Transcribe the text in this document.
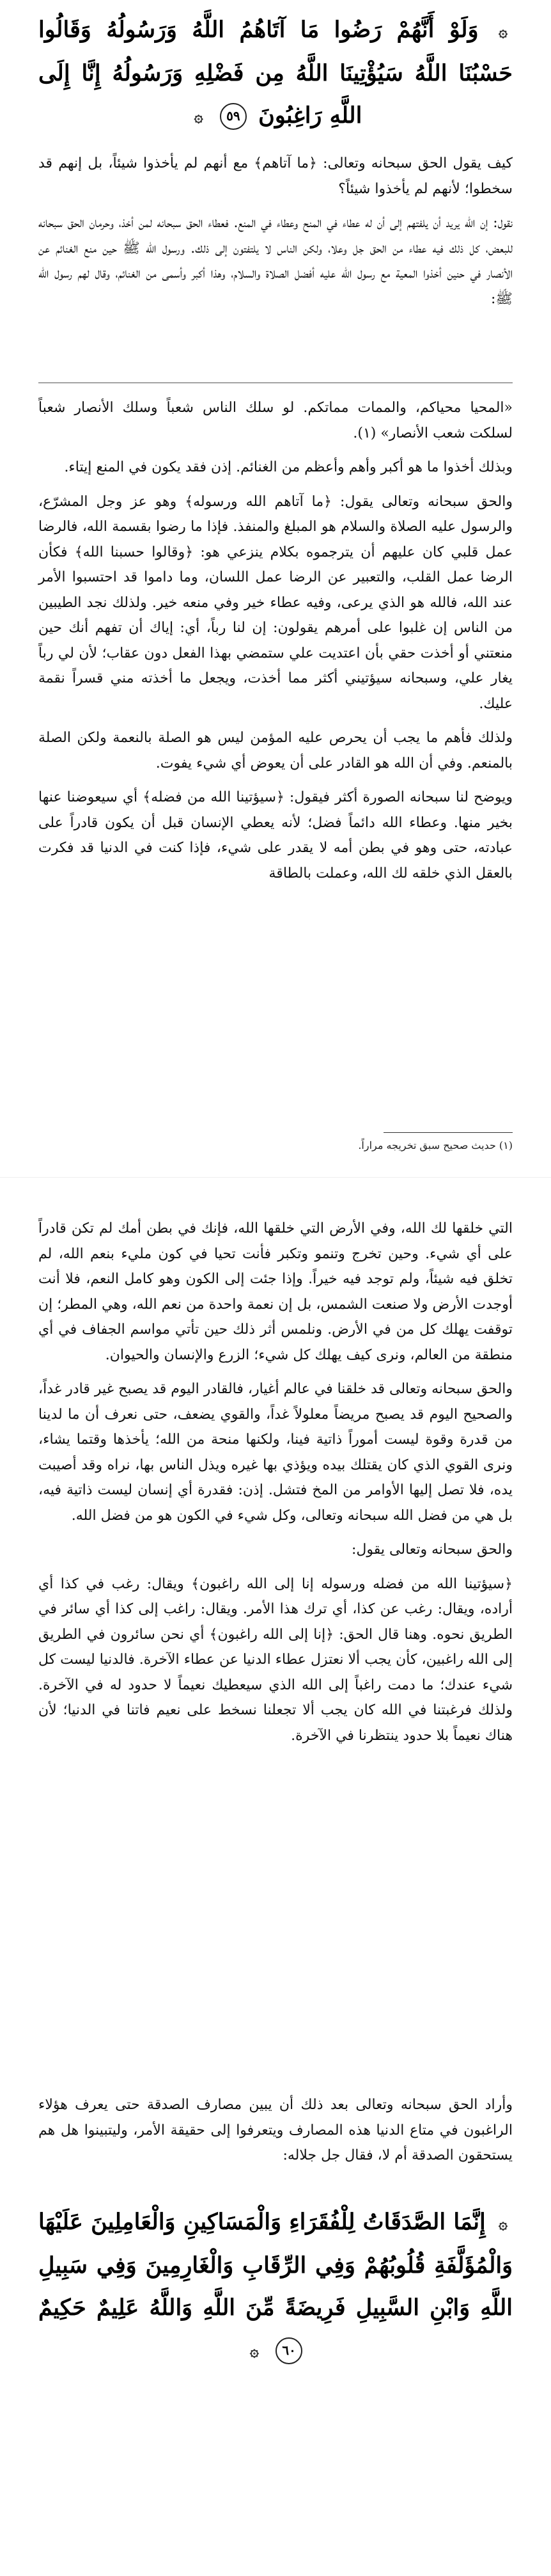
۞ وَلَوْ أَنَّهُمْ رَضُوا مَا آتَاهُمُ اللَّهُ وَرَسُولُهُ وَقَالُوا حَسْبُنَا اللَّهُ سَيُؤْتِينَا اللَّهُ مِن فَضْلِهِ وَرَسُولُهُ إِنَّا إِلَى اللَّهِ رَاغِبُونَ ٥٩ ۞

كيف يقول الحق سبحانه وتعالى: ﴿ما آتاهم﴾ مع أنهم لم يأخذوا شيئاً، بل إنهم قد سخطوا؛ لأنهم لم يأخذوا شيئاً؟

نقول: إن الله يريد أن يلفتهم إلى أن له عطاء في المنح وعطاء في المنع. فعطاء الحق سبحانه لمن أخذ، وحرمان الحق سبحانه للبعض، كل ذلك فيه عطاء من الحق جل وعلا، ولكن الناس لا يلتفتون إلى ذلك. ورسول الله ﷺ حين منع الغنائم عن الأنصار في حنين أخذوا المعية مع رسول الله عليه أفضل الصلاة والسلام، وهذا أكبر وأسمى من الغنائم، وقال لهم رسول الله ﷺ:

«المحيا محياكم، والممات مماتكم. لو سلك الناس شعباً وسلك الأنصار شعباً لسلكت شعب الأنصار» (١).

وبذلك أخذوا ما هو أكبر وأهم وأعظم من الغنائم. إذن فقد يكون في المنع إيتاء.

والحق سبحانه وتعالى يقول: ﴿ما آتاهم الله ورسوله﴾ وهو عز وجل المشرّع، والرسول عليه الصلاة والسلام هو المبلغ والمنفذ. فإذا ما رضوا بقسمة الله، فالرضا عمل قلبي كان عليهم أن يترجموه بكلام ينزعي هو: ﴿وقالوا حسبنا الله﴾ فكأن الرضا عمل القلب، والتعبير عن الرضا عمل اللسان، وما داموا قد احتسبوا الأمر عند الله، فالله هو الذي يرعى، وفيه عطاء خير وفي منعه خير. ولذلك نجد الطيبين من الناس إن غلبوا على أمرهم يقولون: إن لنا رباً، أي: إياك أن تفهم أنك حين منعتني أو أخذت حقي بأن اعتديت علي ستمضي بهذا الفعل دون عقاب؛ لأن لي رباً يغار علي، وسبحانه سيؤتيني أكثر مما أخذت، ويجعل ما أخذته مني قسراً نقمة عليك.

ولذلك فأهم ما يجب أن يحرص عليه المؤمن ليس هو الصلة بالنعمة ولكن الصلة بالمنعم. وفي أن الله هو القادر على أن يعوض أي شيء يفوت.

ويوضح لنا سبحانه الصورة أكثر فيقول: ﴿سيؤتينا الله من فضله﴾ أي سيعوضنا عنها بخير منها. وعطاء الله دائماً فضل؛ لأنه يعطي الإنسان قبل أن يكون قادراً على عبادته، حتى وهو في بطن أمه لا يقدر على شيء، فإذا كنت في الدنيا قد فكرت بالعقل الذي خلقه لك الله، وعملت بالطاقة

(١) حديث صحيح سبق تخريجه مراراً.

التي خلقها لك الله، وفي الأرض التي خلقها الله، فإنك في بطن أمك لم تكن قادراً على أي شيء. وحين تخرج وتنمو وتكبر فأنت تحيا في كون مليء بنعم الله، لم تخلق فيه شيئاً، ولم توجد فيه خيراً. وإذا جئت إلى الكون وهو كامل النعم، فلا أنت أوجدت الأرض ولا صنعت الشمس، بل إن نعمة واحدة من نعم الله، وهي المطر؛ إن توقفت يهلك كل من في الأرض. ونلمس أثر ذلك حين تأتي مواسم الجفاف في أي منطقة من العالم، ونرى كيف يهلك كل شيء؛ الزرع والإنسان والحيوان.

والحق سبحانه وتعالى قد خلقنا في عالم أغيار، فالقادر اليوم قد يصبح غير قادر غداً، والصحيح اليوم قد يصبح مريضاً معلولاً غداً، والقوي يضعف، حتى نعرف أن ما لدينا من قدرة وقوة ليست أموراً ذاتية فينا، ولكنها منحة من الله؛ يأخذها وقتما يشاء، ونرى القوي الذي كان يقتلك بيده ويؤذي بها غيره ويذل الناس بها، نراه وقد أصيبت يده، فلا تصل إليها الأوامر من المخ فتشل. إذن: فقدرة أي إنسان ليست ذاتية فيه، بل هي من فضل الله سبحانه وتعالى، وكل شيء في الكون هو من فضل الله.

والحق سبحانه وتعالى يقول:

﴿سيؤتينا الله من فضله ورسوله إنا إلى الله راغبون﴾ ويقال: رغب في كذا أي أراده، ويقال: رغب عن كذا، أي ترك هذا الأمر. ويقال: راغب إلى كذا أي سائر في الطريق نحوه. وهنا قال الحق: ﴿إنا إلى الله راغبون﴾ أي نحن سائرون في الطريق إلى الله راغبين، كأن يجب ألا نعتزل عطاء الدنيا عن عطاء الآخرة. فالدنيا ليست كل شيء عندك؛ ما دمت راغباً إلى الله الذي سيعطيك نعيماً لا حدود له في الآخرة. ولذلك فرغبتنا في الله كان يجب ألا تجعلنا نسخط على نعيم فاتنا في الدنيا؛ لأن هناك نعيماً بلا حدود ينتظرنا في الآخرة.

وأراد الحق سبحانه وتعالى بعد ذلك أن يبين مصارف الصدقة حتى يعرف هؤلاء الراغبون في متاع الدنيا هذه المصارف ويتعرفوا إلى حقيقة الأمر، وليتبينوا هل هم يستحقون الصدقة أم لا، فقال جل جلاله:

۞ إِنَّمَا الصَّدَقَاتُ لِلْفُقَرَاءِ وَالْمَسَاكِينِ وَالْعَامِلِينَ عَلَيْهَا وَالْمُؤَلَّفَةِ قُلُوبُهُمْ وَفِي الرِّقَابِ وَالْغَارِمِينَ وَفِي سَبِيلِ اللَّهِ وَابْنِ السَّبِيلِ فَرِيضَةً مِّنَ اللَّهِ وَاللَّهُ عَلِيمٌ حَكِيمٌ ٦٠ ۞
